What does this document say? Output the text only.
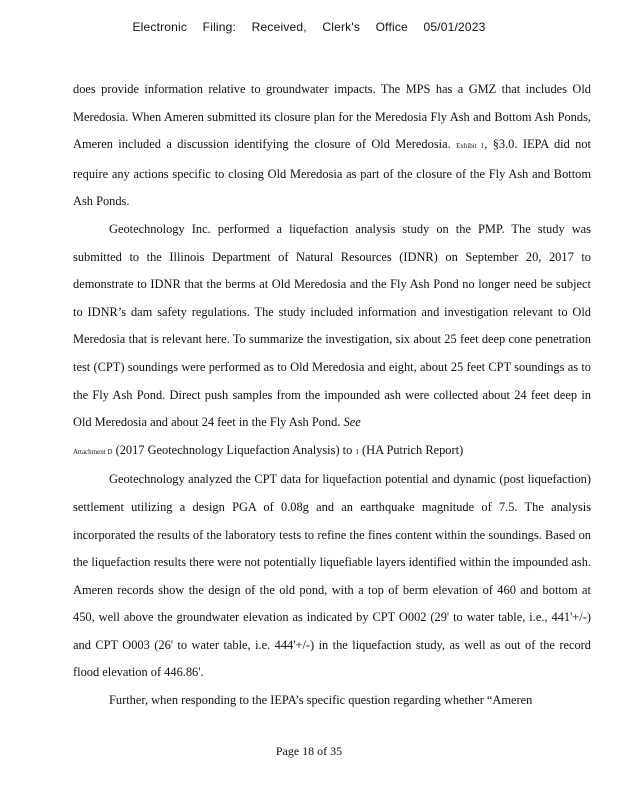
Electronic Filing: Received, Clerk's Office 05/01/2023

does provide information relative to groundwater impacts. The MPS has a GMZ that includes Old Meredosia. When Ameren submitted its closure plan for the Meredosia Fly Ash and Bottom Ash Ponds, Ameren included a discussion identifying the closure of Old Meredosia. Exhibit 1, §3.0. IEPA did not require any actions specific to closing Old Meredosia as part of the closure of the Fly Ash and Bottom Ash Ponds.

Geotechnology Inc. performed a liquefaction analysis study on the PMP. The study was submitted to the Illinois Department of Natural Resources (IDNR) on September 20, 2017 to demonstrate to IDNR that the berms at Old Meredosia and the Fly Ash Pond no longer need be subject to IDNR’s dam safety regulations. The study included information and investigation relevant to Old Meredosia that is relevant here. To summarize the investigation, six about 25 feet deep cone penetration test (CPT) soundings were performed as to Old Meredosia and eight, about 25 feet CPT soundings as to the Fly Ash Pond. Direct push samples from the impounded ash were collected about 24 feet deep in Old Meredosia and about 24 feet in the Fly Ash Pond. See
Attachment D (2017 Geotechnology Liquefaction Analysis) to 1 (HA Putrich Report)

Geotechnology analyzed the CPT data for liquefaction potential and dynamic (post liquefaction) settlement utilizing a design PGA of 0.08g and an earthquake magnitude of 7.5. The analysis incorporated the results of the laboratory tests to refine the fines content within the soundings. Based on the liquefaction results there were not potentially liquefiable layers identified within the impounded ash. Ameren records show the design of the old pond, with a top of berm elevation of 460 and bottom at 450, well above the groundwater elevation as indicated by CPT O002 (29' to water table, i.e., 441'+/-) and CPT O003 (26' to water table, i.e. 444'+/-) in the liquefaction study, as well as out of the record flood elevation of 446.86'.

Further, when responding to the IEPA’s specific question regarding whether “Ameren

Page 18 of 35
